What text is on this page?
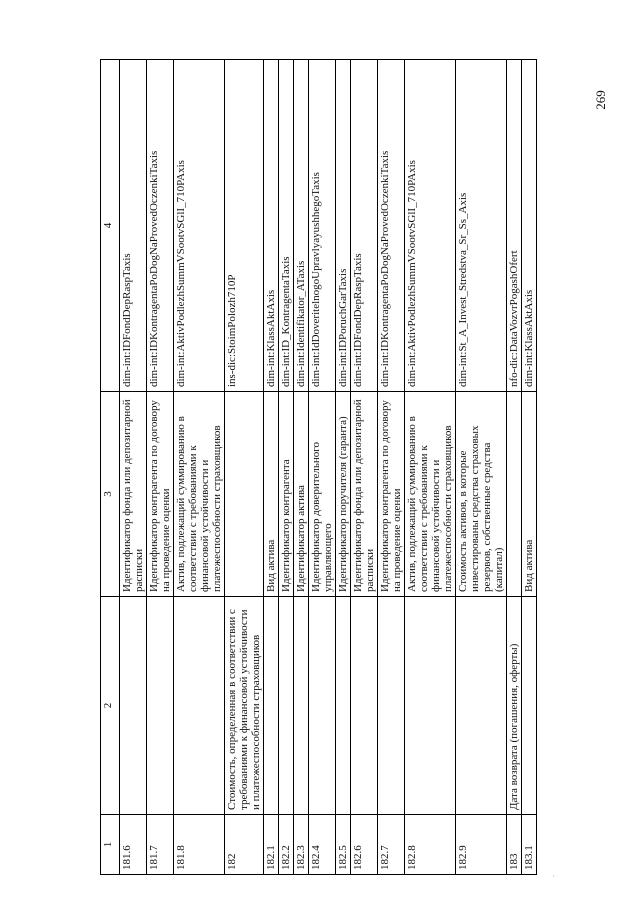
269
1	2	3	4
181.6		Идентификатор фонда или депозитарной расписки	dim-int:IDFondDepRaspTaxis
181.7		Идентификатор контрагента по договору на проведение оценки	dim-int:IDKontragentaPoDogNaProvedOczenkiTaxis
181.8		Актив, подлежащий суммированию в соответствии с требованиями к финансовой устойчивости и платежеспособности страховщиков	dim-int:AktivPodlezhSummVSootvSGlI_710PAxis
182	Стоимость, определенная в соответствии с требованиями к финансовой устойчивости и платежеспособности страховщиков		ins-dic:StoimPolozh710P
182.1		Вид актива	dim-int:KlassAktAxis
182.2		Идентификатор контрагента	dim-int:ID_KontragentaTaxis
182.3		Идентификатор актива	dim-int:Identifikator_ATaxis
182.4		Идентификатор доверительного управляющего	dim-int:IdDoveritelnogoUpravlyayushhegoTaxis
182.5		Идентификатор поручителя (гаранта)	dim-int:IDPoruchGarTaxis
182.6		Идентификатор фонда или депозитарной расписки	dim-int:IDFondDepRaspTaxis
182.7		Идентификатор контрагента по договору на проведение оценки	dim-int:IDKontragentaPoDogNaProvedOczenkiTaxis
182.8		Актив, подлежащий суммированию в соответствии с требованиями к финансовой устойчивости и платежеспособности страховщиков	dim-int:AktivPodlezhSummVSootvSGlI_710PAxis
182.9		Стоимость активов, в которые инвестированы средства страховых резервов, собственные средства (капитал)	dim-int:St_A_Invest_Stredstva_Sr_Ss_Axis
183	Дата возврата (погашения, оферты)		nfo-dic:DataVozvrPogashOfert
183.1		Вид актива	dim-int:KlassAktAxis
·
